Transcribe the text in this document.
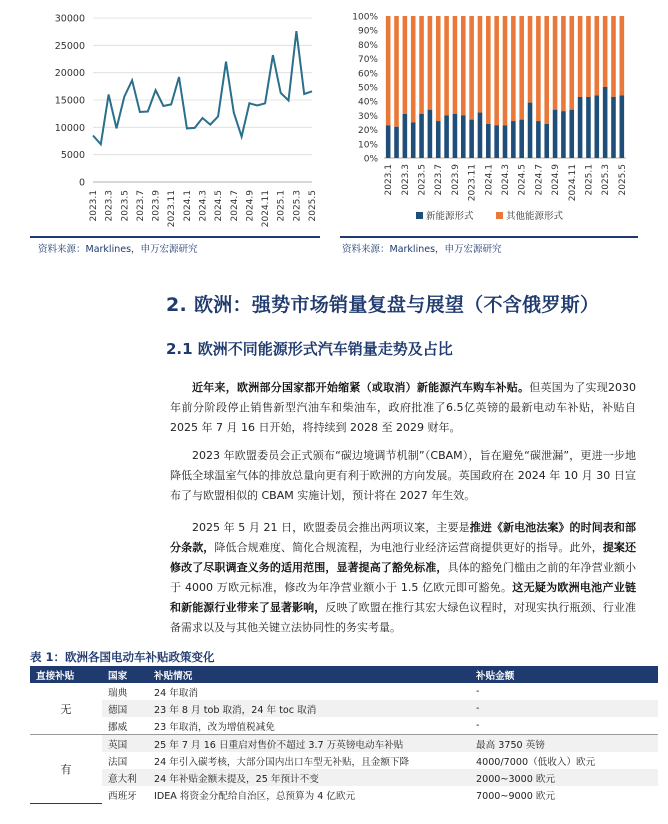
30000
25000
20000
15000
10000
5000
0
2023.1 2023.3 2023.5 2023.7 2023.9 2023.11 2024.1 2024.3 2024.5 2024.7 2024.9 2024.11 2025.1 2025.3 2025.5
100%
90%
80%
70%
60%
50%
40%
30%
20%
10%
0%
2023.1 2023.3 2023.5 2023.7 2023.9 2023.11 2024.1 2024.3 2024.5 2024.7 2024.9 2024.11 2025.1 2025.3 2025.5
新能源形式	其他能源形式
资料来源：Marklines，申万宏源研究	资料来源：Marklines，申万宏源研究
2. 欧洲：强势市场销量复盘与展望（不含俄罗斯）
2.1 欧洲不同能源形式汽车销量走势及占比
近年来，欧洲部分国家都开始缩紧（或取消）新能源汽车购车补贴。但英国为了实现2030年前分阶段停止销售新型汽油车和柴油车，政府批准了6.5亿英镑的最新电动车补贴，补贴自 2025 年 7 月 16 日开始，将持续到 2028 至 2029 财年。
2023 年欧盟委员会正式颁布“碳边境调节机制”（CBAM），旨在避免“碳泄漏”，更进一步地降低全球温室气体的排放总量向更有利于欧洲的方向发展。英国政府在 2024 年 10 月 30 日宣布了与欧盟相似的 CBAM 实施计划，预计将在 2027 年生效。
2025 年 5 月 21 日，欧盟委员会推出两项议案，主要是推进《新电池法案》的时间表和部分条款，降低合规难度、简化合规流程，为电池行业经济运营商提供更好的指导。此外，提案还修改了尽职调查义务的适用范围，显著提高了豁免标准，具体的豁免门槛由之前的年净营业额小于 4000 万欧元标准，修改为年净营业额小于 1.5 亿欧元即可豁免。这无疑为欧洲电池产业链和新能源行业带来了显著影响，反映了欧盟在推行其宏大绿色议程时，对现实执行瓶颈、行业准备需求以及与其他关键立法协同性的务实考量。
表 1：欧洲各国电动车补贴政策变化
直接补贴	国家	补贴情况	补贴金额
无	瑞典	24 年取消	-
	德国	23 年 8 月 tob 取消，24 年 toc 取消	-
	挪威	23 年取消，改为增值税减免	-
有	英国	25 年 7 月 16 日重启对售价不超过 3.7 万英镑电动车补贴	最高 3750 英镑
	法国	24 年引入碳考核，大部分国内出口车型无补贴，且金额下降	4000/7000（低收入）欧元
	意大利	24 年补贴金额未提及，25 年预计不变	2000~3000 欧元
	西班牙	IDEA 将资金分配给自治区，总预算为 4 亿欧元	7000~9000 欧元
